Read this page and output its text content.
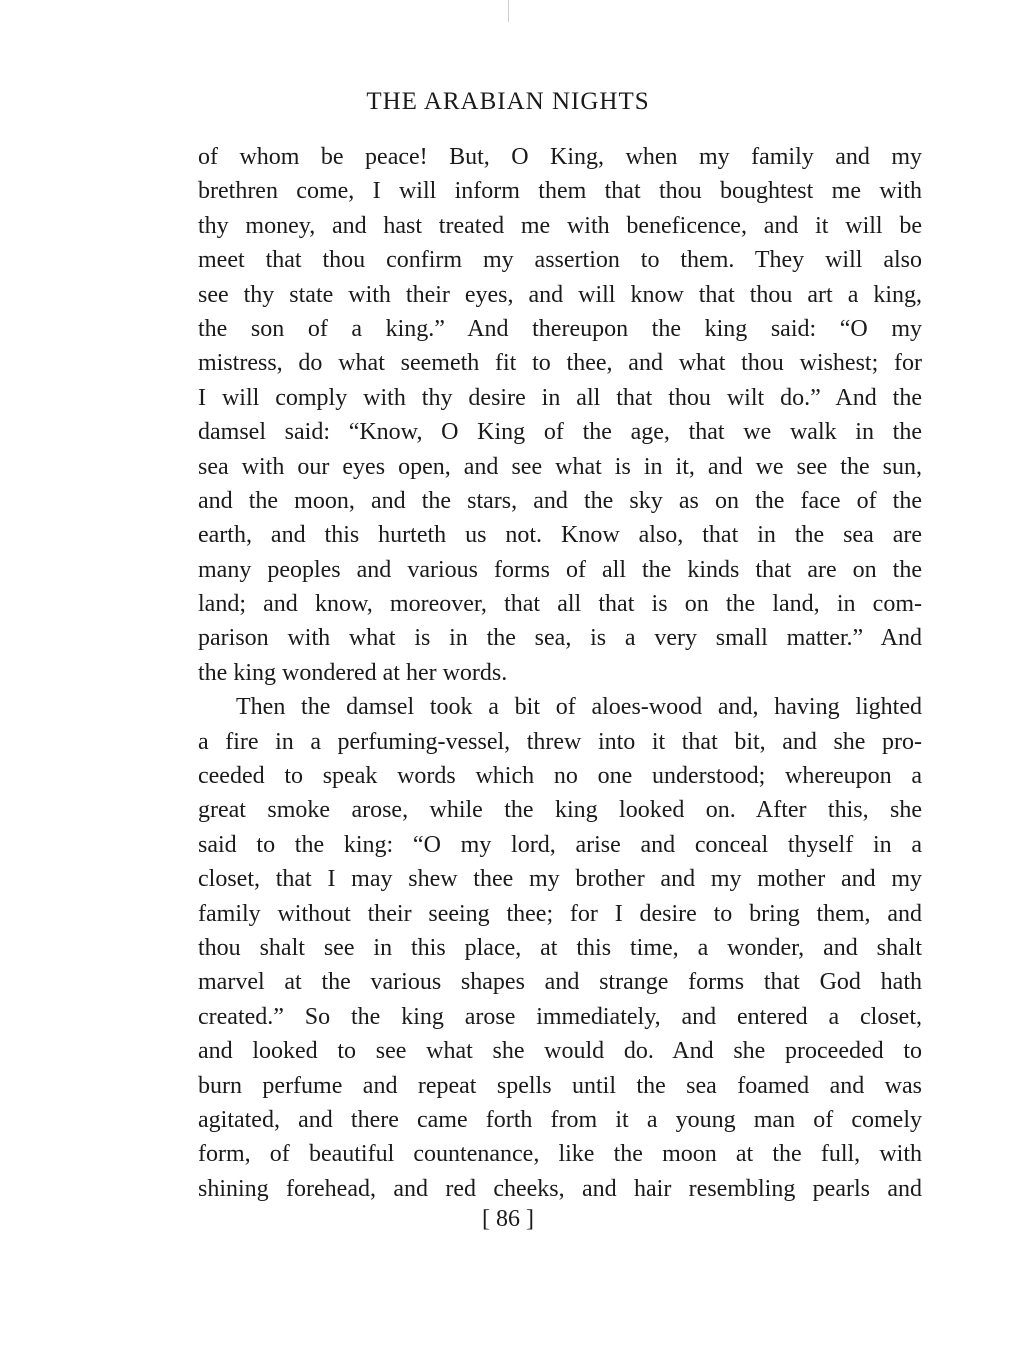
THE ARABIAN NIGHTS
of whom be peace! But, O King, when my family and my
brethren come, I will inform them that thou boughtest me with
thy money, and hast treated me with beneficence, and it will be
meet that thou confirm my assertion to them. They will also
see thy state with their eyes, and will know that thou art a king,
the son of a king.” And thereupon the king said: “O my
mistress, do what seemeth fit to thee, and what thou wishest; for
I will comply with thy desire in all that thou wilt do.” And the
damsel said: “Know, O King of the age, that we walk in the
sea with our eyes open, and see what is in it, and we see the sun,
and the moon, and the stars, and the sky as on the face of the
earth, and this hurteth us not. Know also, that in the sea are
many peoples and various forms of all the kinds that are on the
land; and know, moreover, that all that is on the land, in com-
parison with what is in the sea, is a very small matter.” And
the king wondered at her words.
Then the damsel took a bit of aloes-wood and, having lighted
a fire in a perfuming-vessel, threw into it that bit, and she pro-
ceeded to speak words which no one understood; whereupon a
great smoke arose, while the king looked on. After this, she
said to the king: “O my lord, arise and conceal thyself in a
closet, that I may shew thee my brother and my mother and my
family without their seeing thee; for I desire to bring them, and
thou shalt see in this place, at this time, a wonder, and shalt
marvel at the various shapes and strange forms that God hath
created.” So the king arose immediately, and entered a closet,
and looked to see what she would do. And she proceeded to
burn perfume and repeat spells until the sea foamed and was
agitated, and there came forth from it a young man of comely
form, of beautiful countenance, like the moon at the full, with
shining forehead, and red cheeks, and hair resembling pearls and
[ 86 ]
